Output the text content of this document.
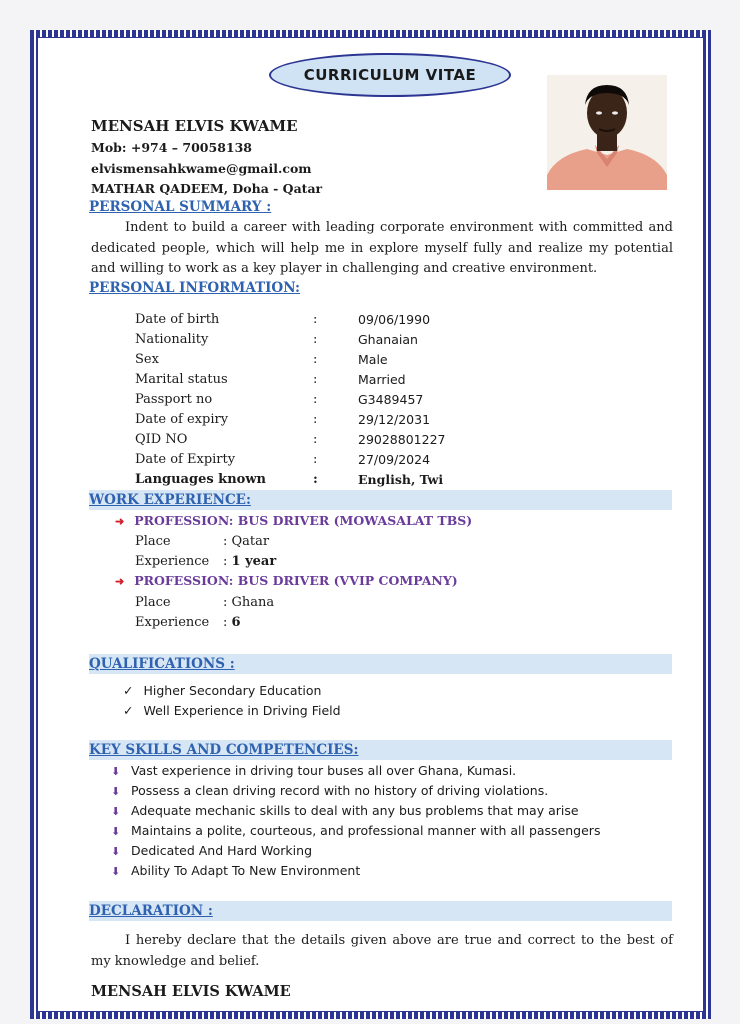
CURRICULUM VITAE
MENSAH ELVIS KWAME
Mob: +974 – 70058138
elvismensahkwame@gmail.com
MATHAR QADEEM, Doha - Qatar
PERSONAL SUMMARY :
Indent to build a career with leading corporate environment with committed and dedicated people, which will help me in explore myself fully and realize my potential and willing to work as a key player in challenging and creative environment.
PERSONAL INFORMATION:
Date of birth	:	09/06/1990
Nationality	:	Ghanaian
Sex	:	Male
Marital status	:	Married
Passport no	:	G3489457
Date of expiry	:	29/12/2031
QID NO	:	29028801227
Date of Expirty	:	27/09/2024
Languages known	:	English, Twi
WORK EXPERIENCE:
➜ PROFESSION: BUS DRIVER (MOWASALAT TBS)
Place	: Qatar
Experience : 1 year
➜ PROFESSION: BUS DRIVER (VVIP COMPANY)
Place	: Ghana
Experience : 6
QUALIFICATIONS :
✓ Higher Secondary Education
✓ Well Experience in Driving Field
KEY SKILLS AND COMPETENCIES:
⬇ Vast experience in driving tour buses all over Ghana, Kumasi.
⬇ Possess a clean driving record with no history of driving violations.
⬇ Adequate mechanic skills to deal with any bus problems that may arise
⬇ Maintains a polite, courteous, and professional manner with all passengers
⬇ Dedicated And Hard Working
⬇ Ability To Adapt To New Environment
DECLARATION :
I hereby declare that the details given above are true and correct to the best of my knowledge and belief.
MENSAH ELVIS KWAME
